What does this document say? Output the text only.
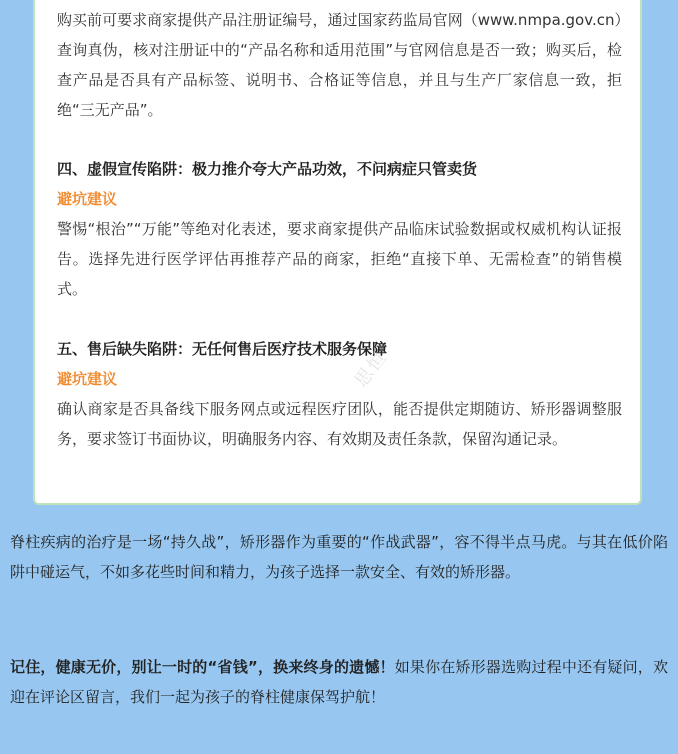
购买前可要求商家提供产品注册证编号，通过国家药监局官网（www.nmpa.gov.cn）查询真伪，核对注册证中的“产品名称和适用范围”与官网信息是否一致；购买后，检查产品是否具有产品标签、说明书、合格证等信息，并且与生产厂家信息一致，拒绝“三无产品”。

四、虚假宣传陷阱：极力推介夸大产品功效，不问病症只管卖货

避坑建议

警惕“根治”“万能”等绝对化表述，要求商家提供产品临床试验数据或权威机构认证报告。选择先进行医学评估再推荐产品的商家，拒绝“直接下单、无需检查”的销售模式。

五、售后缺失陷阱：无任何售后医疗技术服务保障

避坑建议

确认商家是否具备线下服务网点或远程医疗团队，能否提供定期随访、矫形器调整服务，要求签订书面协议，明确服务内容、有效期及责任条款，保留沟通记录。

思恒

脊柱疾病的治疗是一场“持久战”，矫形器作为重要的“作战武器”，容不得半点马虎。与其在低价陷阱中碰运气，不如多花些时间和精力，为孩子选择一款安全、有效的矫形器。

记住，健康无价，别让一时的“省钱”，换来终身的遗憾！如果你在矫形器选购过程中还有疑问，欢迎在评论区留言，我们一起为孩子的脊柱健康保驾护航！
